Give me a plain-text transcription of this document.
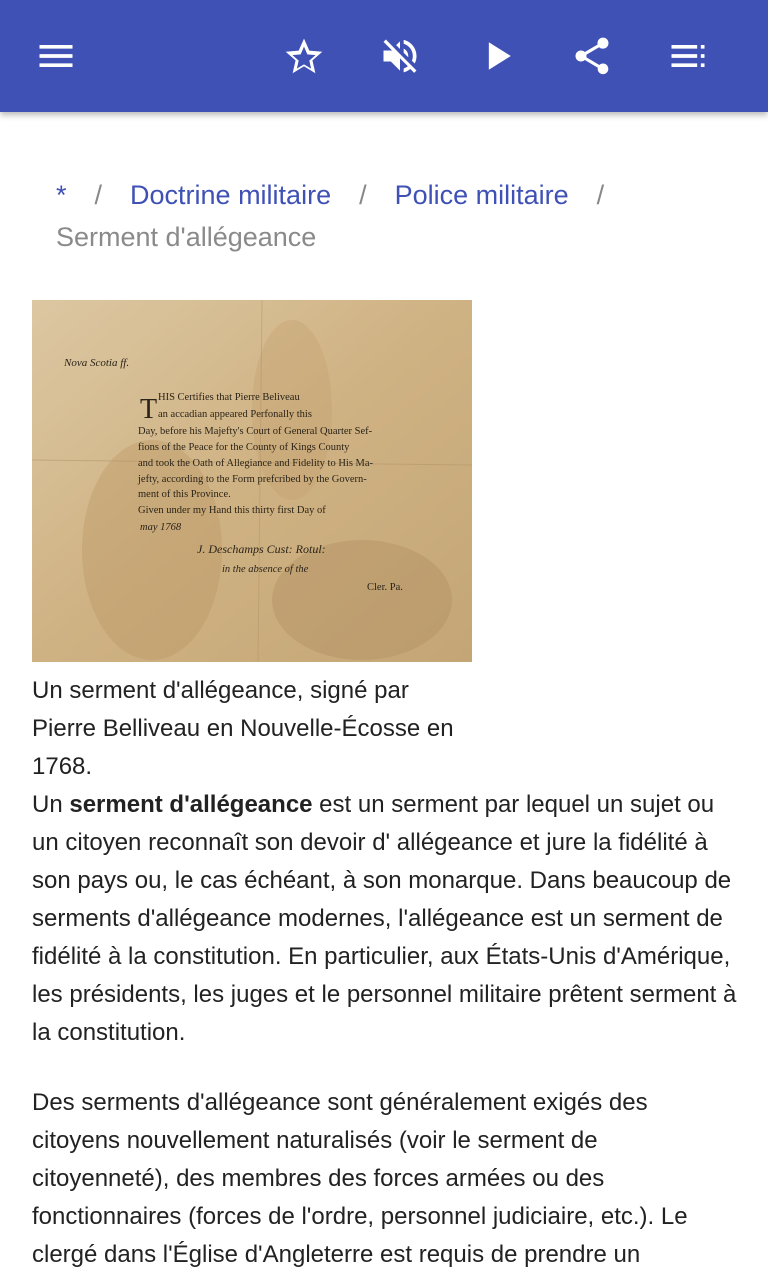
* / Doctrine militaire / Police militaire /
Serment d'allégeance
Nova Scotia ff.
T HIS Certifies that Pierre Beliveau
an accadian appeared Perfonally this
Day, before his Majefty's Court of General Quarter Sef-
fions of the Peace for the County of Kings County
and took the Oath of Allegiance and Fidelity to His Ma-
jefty, according to the Form prefcribed by the Govern-
ment of this Province.
Given under my Hand this thirty first Day of
may 1768
J. Deschamps Cust: Rotul:
in the absence of the
Cler. Pa.
Un serment d'allégeance, signé par Pierre Belliveau en Nouvelle-Écosse en 1768.

Un serment d'allégeance est un serment par lequel un sujet ou un citoyen reconnaît son devoir d' allégeance et jure la fidélité à son pays ou, le cas échéant, à son monarque. Dans beaucoup de serments d'allégeance modernes, l'allégeance est un serment de fidélité à la constitution. En particulier, aux États-Unis d'Amérique, les présidents, les juges et le personnel militaire prêtent serment à la constitution.

Des serments d'allégeance sont généralement exigés des citoyens nouvellement naturalisés (voir le serment de citoyenneté), des membres des forces armées ou des fonctionnaires (forces de l'ordre, personnel judiciaire, etc.). Le clergé dans l'Église d'Angleterre est requis de prendre un
